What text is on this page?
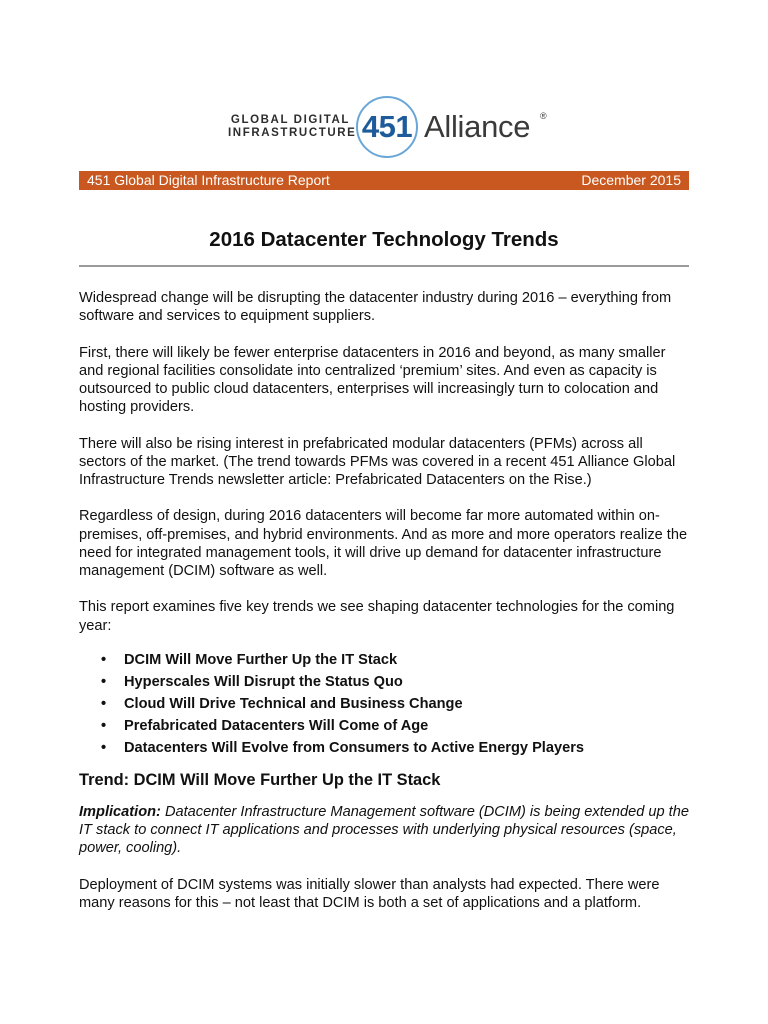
GLOBAL DIGITAL
INFRASTRUCTURE 451 Alliance ®
451 Global Digital Infrastructure Report	December 2015
2016 Datacenter Technology Trends

Widespread change will be disrupting the datacenter industry during 2016 – everything from software and services to equipment suppliers.

First, there will likely be fewer enterprise datacenters in 2016 and beyond, as many smaller and regional facilities consolidate into centralized ‘premium’ sites. And even as capacity is outsourced to public cloud datacenters, enterprises will increasingly turn to colocation and hosting providers.

There will also be rising interest in prefabricated modular datacenters (PFMs) across all sectors of the market. (The trend towards PFMs was covered in a recent 451 Alliance Global Infrastructure Trends newsletter article: Prefabricated Datacenters on the Rise.)

Regardless of design, during 2016 datacenters will become far more automated within on-premises, off-premises, and hybrid environments. And as more and more operators realize the need for integrated management tools, it will drive up demand for datacenter infrastructure management (DCIM) software as well.

This report examines five key trends we see shaping datacenter technologies for the coming year:

• DCIM Will Move Further Up the IT Stack
• Hyperscales Will Disrupt the Status Quo
• Cloud Will Drive Technical and Business Change
• Prefabricated Datacenters Will Come of Age
• Datacenters Will Evolve from Consumers to Active Energy Players
Trend: DCIM Will Move Further Up the IT Stack

Implication: Datacenter Infrastructure Management software (DCIM) is being extended up the IT stack to connect IT applications and processes with underlying physical resources (space, power, cooling).

Deployment of DCIM systems was initially slower than analysts had expected. There were many reasons for this – not least that DCIM is both a set of applications and a platform.
